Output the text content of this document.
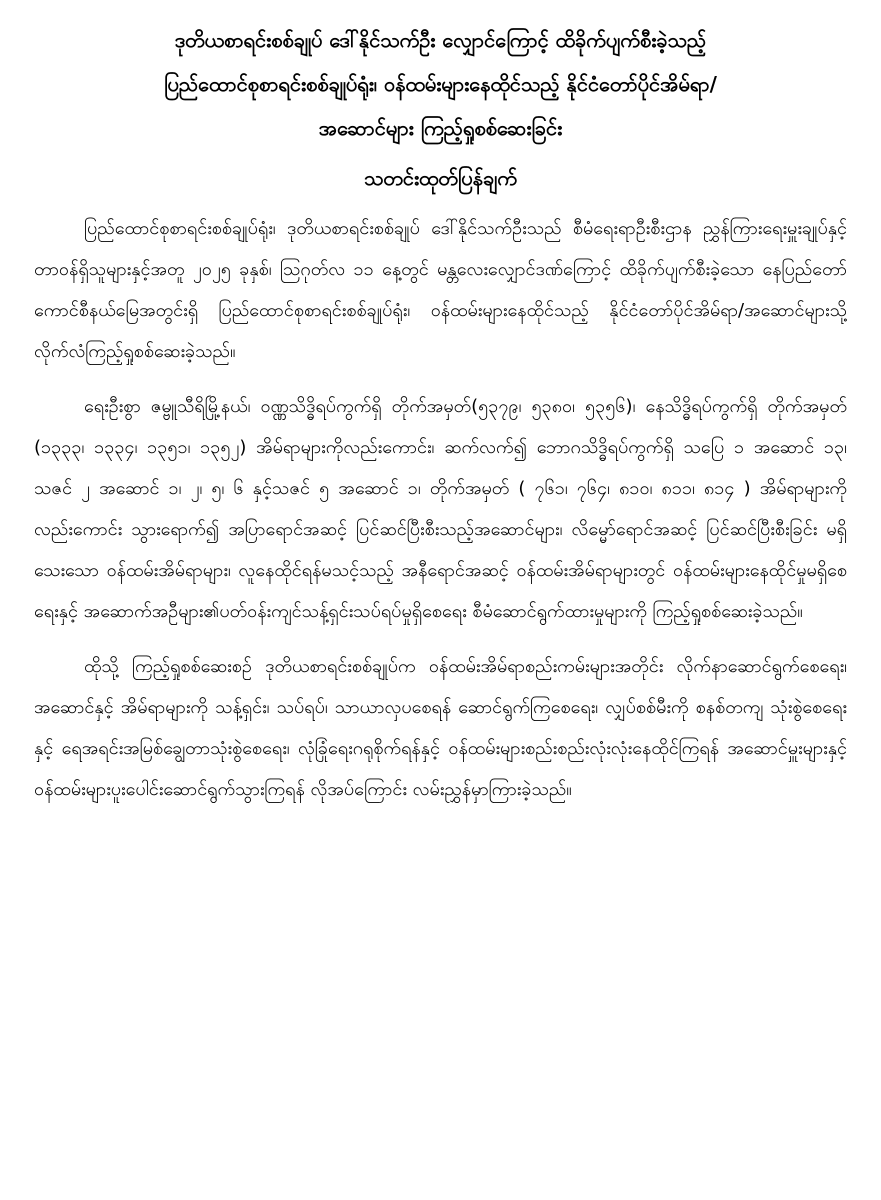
ဒုတိယစာရင်းစစ်ချုပ် ဒေါ်နိုင်သက်ဦး လျှောင်ကြောင့် ထိခိုက်ပျက်စီးခဲ့သည့်
ပြည်ထောင်စုစာရင်းစစ်ချုပ်ရုံး၊ ဝန်ထမ်းများနေထိုင်သည့် နိုင်ငံတော်ပိုင်အိမ်ရာ/
အဆောင်များ ကြည့်ရှုစစ်ဆေးခြင်း
သတင်းထုတ်ပြန်ချက်

ပြည်ထောင်စုစာရင်းစစ်ချုပ်ရုံး၊ ဒုတိယစာရင်းစစ်ချုပ် ဒေါ်နိုင်သက်ဦးသည် စီမံရေးရာဦးစီးဌာန ညွှန်ကြားရေးမှူးချုပ်နှင့် တာဝန်ရှိသူများနှင့်အတူ ၂၀၂၅ ခုနှစ်၊ ဩဂုတ်လ ၁၁ နေ့တွင် မန္တလေးလျှောင်ဒဏ်ကြောင့် ထိခိုက်ပျက်စီးခဲ့သော နေပြည်တော်ကောင်စီနယ်မြေအတွင်းရှိ ပြည်ထောင်စုစာရင်းစစ်ချုပ်ရုံး၊ ဝန်ထမ်းများနေထိုင်သည့် နိုင်ငံတော်ပိုင်အိမ်ရာ/အဆောင်များသို့ လိုက်လံကြည့်ရှုစစ်ဆေးခဲ့သည်။

ရေးဦးစွာ ဇမ္ဗူသီရိမြို့နယ်၊ ဝဏ္ဏသိဒ္ဓိရပ်ကွက်ရှိ တိုက်အမှတ်(၅၃၇၉၊ ၅၃၈၀၊ ၅၃၅၆)၊ နေသိဒ္ဓိရပ်ကွက်ရှိ တိုက်အမှတ် (၁၃၃၃၊ ၁၃၃၄၊ ၁၃၅၁၊ ၁၃၅၂) အိမ်ရာများကိုလည်းကောင်း၊ ဆက်လက်၍ ဘောဂသိဒ္ဓိရပ်ကွက်ရှိ သပြေ ၁ အဆောင် ၁၃၊ သဇင် ၂ အဆောင် ၁၊ ၂၊ ၅၊ ၆ နှင့်သဇင် ၅ အဆောင် ၁၊ တိုက်အမှတ် ( ၇၆၁၊ ၇၆၄၊ ၈၁၀၊ ၈၁၁၊ ၈၁၄ ) အိမ်ရာများကိုလည်းကောင်း သွားရောက်၍ အပြာရောင်အဆင့် ပြင်ဆင်ပြီးစီးသည့်အဆောင်များ၊ လိမ္မော်ရောင်အဆင့် ပြင်ဆင်ပြီးစီးခြင်း မရှိသေးသော ဝန်ထမ်းအိမ်ရာများ၊ လူနေထိုင်ရန်မသင့်သည့် အနီရောင်အဆင့် ဝန်ထမ်းအိမ်ရာများတွင် ဝန်ထမ်းများနေထိုင်မှုမရှိစေရေးနှင့် အဆောက်အဦများ၏ပတ်ဝန်းကျင်သန့်ရှင်းသပ်ရပ်မှုရှိစေရေး စီမံဆောင်ရွက်ထားမှုများကို ကြည့်ရှုစစ်ဆေးခဲ့သည်။

ထိုသို့ ကြည့်ရှုစစ်ဆေးစဉ် ဒုတိယစာရင်းစစ်ချုပ်က ဝန်ထမ်းအိမ်ရာစည်းကမ်းများအတိုင်း လိုက်နာဆောင်ရွက်စေရေး၊ အဆောင်နှင့် အိမ်ရာများကို သန့်ရှင်း၊ သပ်ရပ်၊ သာယာလှပစေရန် ဆောင်ရွက်ကြစေရေး၊ လျှပ်စစ်မီးကို စနစ်တကျ သုံးစွဲစေရေးနှင့် ရေအရင်းအမြစ်ချွေတာသုံးစွဲစေရေး၊ လုံခြုံရေးဂရုစိုက်ရန်နှင့် ဝန်ထမ်းများစည်းစည်းလုံးလုံးနေထိုင်ကြရန် အဆောင်မှူးများနှင့် ဝန်ထမ်းများပူးပေါင်းဆောင်ရွက်သွားကြရန် လိုအပ်ကြောင်း လမ်းညွှန်မှာကြားခဲ့သည်။
